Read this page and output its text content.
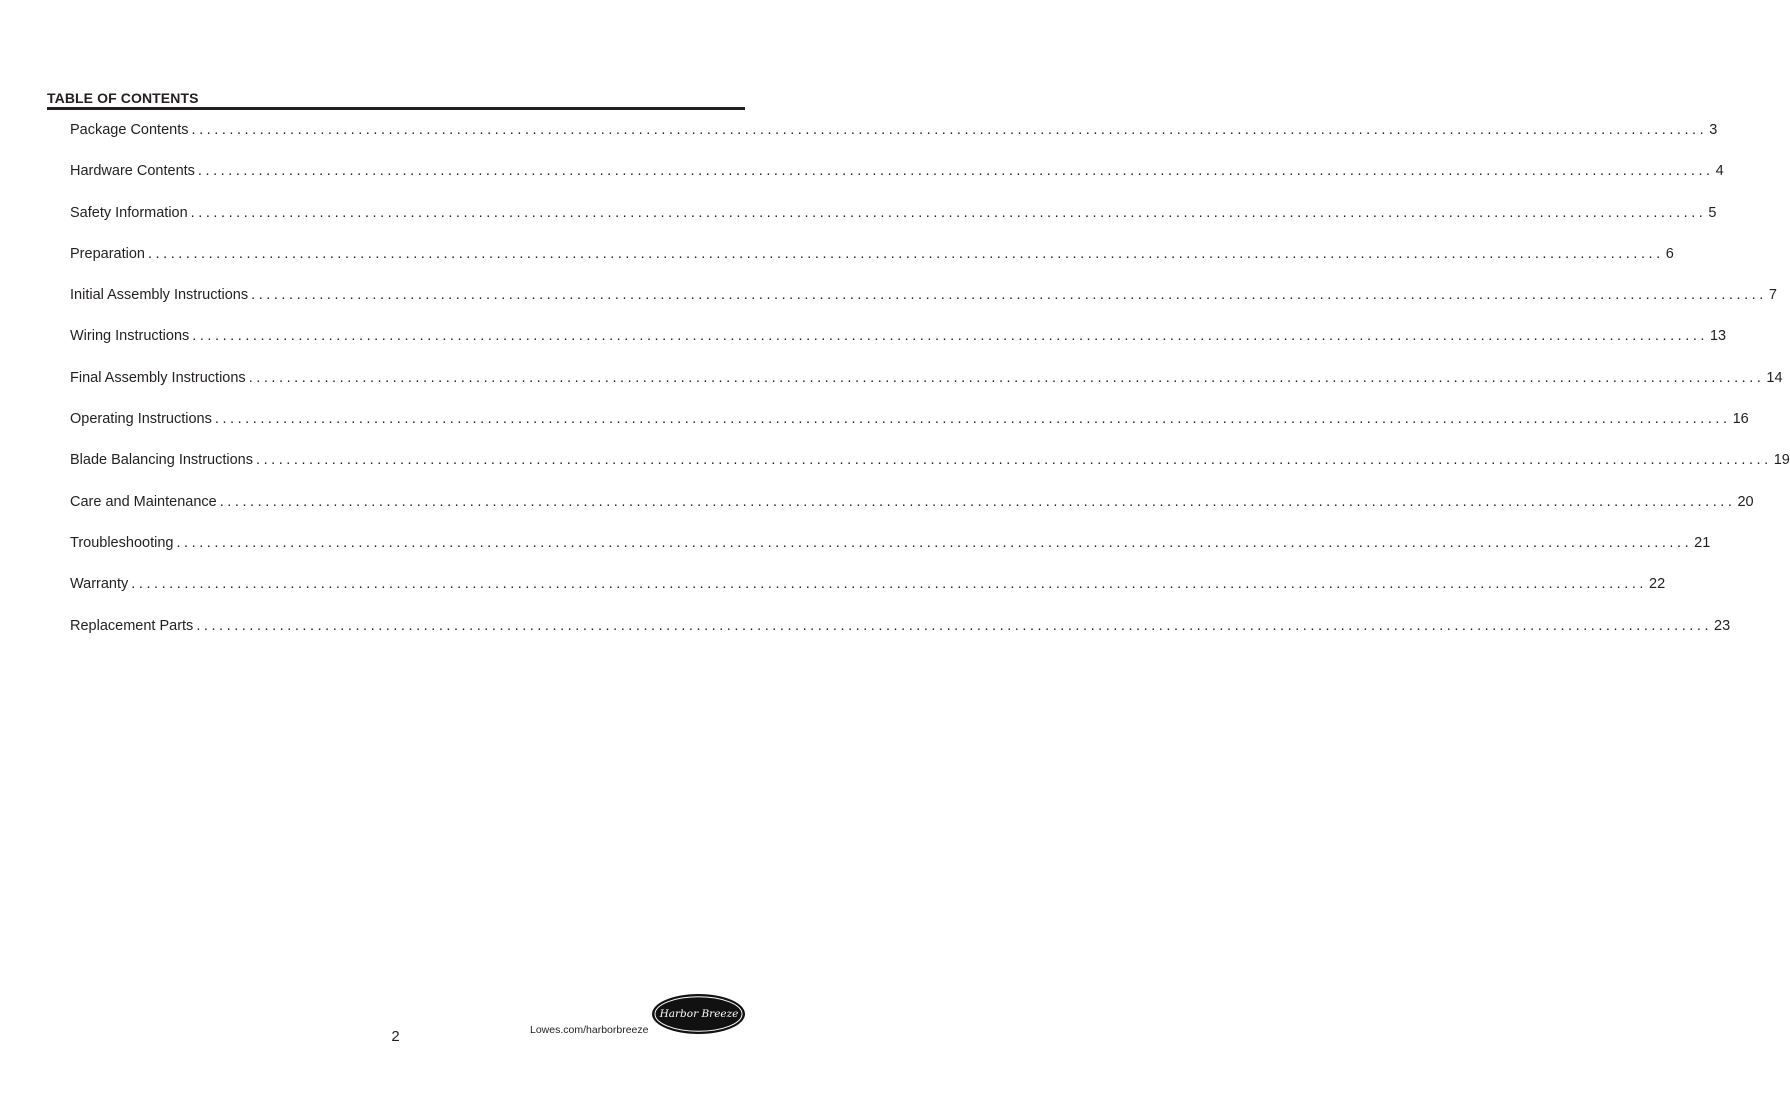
TABLE OF CONTENTS
Package Contents ........................................................................................................................................................................................................ 3
Hardware Contents ........................................................................................................................................................................................................ 4
Safety Information ........................................................................................................................................................................................................ 5
Preparation ........................................................................................................................................................................................................ 6
Initial Assembly Instructions ........................................................................................................................................................................................................ 7
Wiring Instructions ........................................................................................................................................................................................................ 13
Final Assembly Instructions ........................................................................................................................................................................................................ 14
Operating Instructions ........................................................................................................................................................................................................ 16
Blade Balancing Instructions ........................................................................................................................................................................................................ 19
Care and Maintenance ........................................................................................................................................................................................................ 20
Troubleshooting ........................................................................................................................................................................................................ 21
Warranty ........................................................................................................................................................................................................ 22
Replacement Parts ........................................................................................................................................................................................................ 23
2	Lowes.com/harborbreeze
Harbor Breeze
